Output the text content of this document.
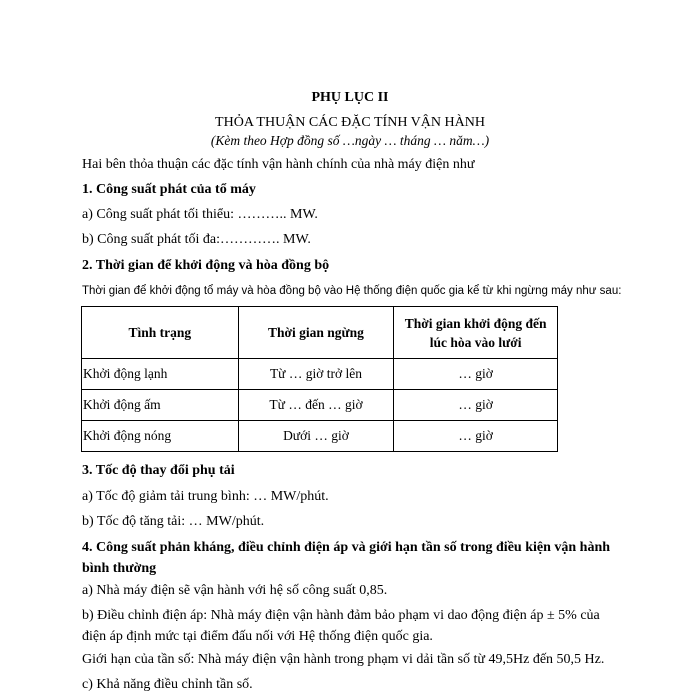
PHỤ LỤC II
THỎA THUẬN CÁC ĐẶC TÍNH VẬN HÀNH
(Kèm theo Hợp đồng số …ngày … tháng … năm…)
Hai bên thỏa thuận các đặc tính vận hành chính của nhà máy điện như
1. Công suất phát của tổ máy
a) Công suất phát tối thiểu: ……….. MW.
b) Công suất phát tối đa:…………. MW.
2. Thời gian để khởi động và hòa đồng bộ
Thời gian để khởi động tổ máy và hòa đồng bộ vào Hệ thống điện quốc gia kể từ khi ngừng máy như sau:
Tình trạng	Thời gian ngừng	Thời gian khởi động đến lúc hòa vào lưới
Khởi động lạnh	Từ … giờ trở lên	… giờ
Khởi động ấm	Từ … đến … giờ	… giờ
Khởi động nóng	Dưới … giờ	… giờ
3. Tốc độ thay đổi phụ tải
a) Tốc độ giảm tải trung bình: … MW/phút.
b) Tốc độ tăng tải: … MW/phút.
4. Công suất phản kháng, điều chỉnh điện áp và giới hạn tần số trong điều kiện vận hành bình thường
a) Nhà máy điện sẽ vận hành với hệ số công suất 0,85.
b) Điều chỉnh điện áp: Nhà máy điện vận hành đảm bảo phạm vi dao động điện áp ± 5% của điện áp định mức tại điểm đấu nối với Hệ thống điện quốc gia.
Giới hạn của tần số: Nhà máy điện vận hành trong phạm vi dải tần số từ 49,5Hz đến 50,5 Hz.
c) Khả năng điều chỉnh tần số.
